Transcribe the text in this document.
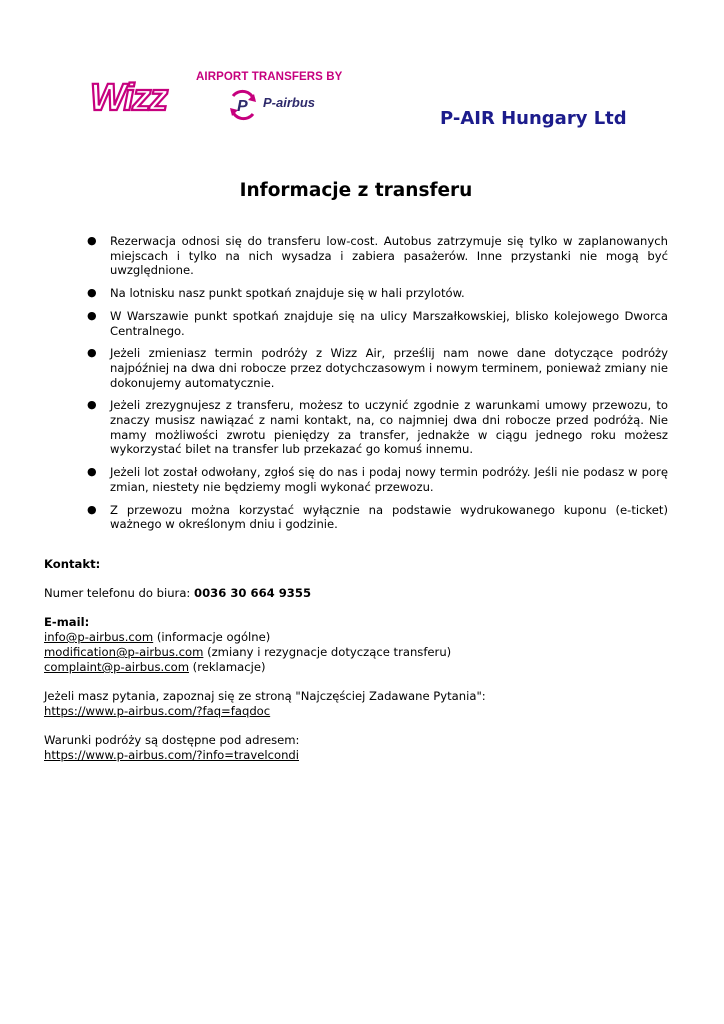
Wizz	AIRPORT TRANSFERS BY
P P-airbus
P-AIR Hungary Ltd
Informacje z transferu
● Rezerwacja odnosi się do transferu low-cost. Autobus zatrzymuje się tylko w zaplanowanych miejscach i tylko na nich wysadza i zabiera pasażerów. Inne przystanki nie mogą być uwzględnione.
● Na lotnisku nasz punkt spotkań znajduje się w hali przylotów.
● W Warszawie punkt spotkań znajduje się na ulicy Marszałkowskiej, blisko kolejowego Dworca Centralnego.
● Jeżeli zmieniasz termin podróży z Wizz Air, prześlij nam nowe dane dotyczące podróży najpóźniej na dwa dni robocze przez dotychczasowym i nowym terminem, ponieważ zmiany nie dokonujemy automatycznie.
● Jeżeli zrezygnujesz z transferu, możesz to uczynić zgodnie z warunkami umowy przewozu, to znaczy musisz nawiązać z nami kontakt, na, co najmniej dwa dni robocze przed podróżą. Nie mamy możliwości zwrotu pieniędzy za transfer, jednakże w ciągu jednego roku możesz wykorzystać bilet na transfer lub przekazać go komuś innemu.
● Jeżeli lot został odwołany, zgłoś się do nas i podaj nowy termin podróży. Jeśli nie podasz w porę zmian, niestety nie będziemy mogli wykonać przewozu.
● Z przewozu można korzystać wyłącznie na podstawie wydrukowanego kuponu (e-ticket) ważnego w określonym dniu i godzinie.

Kontakt:

Numer telefonu do biura: 0036 30 664 9355

E-mail:

info@p-airbus.com (informacje ogólne)

modification@p-airbus.com (zmiany i rezygnacje dotyczące transferu)

complaint@p-airbus.com (reklamacje)

Jeżeli masz pytania, zapoznaj się ze stroną "Najczęściej Zadawane Pytania":

https://www.p-airbus.com/?faq=faqdoc

Warunki podróży są dostępne pod adresem:

https://www.p-airbus.com/?info=travelcondi
